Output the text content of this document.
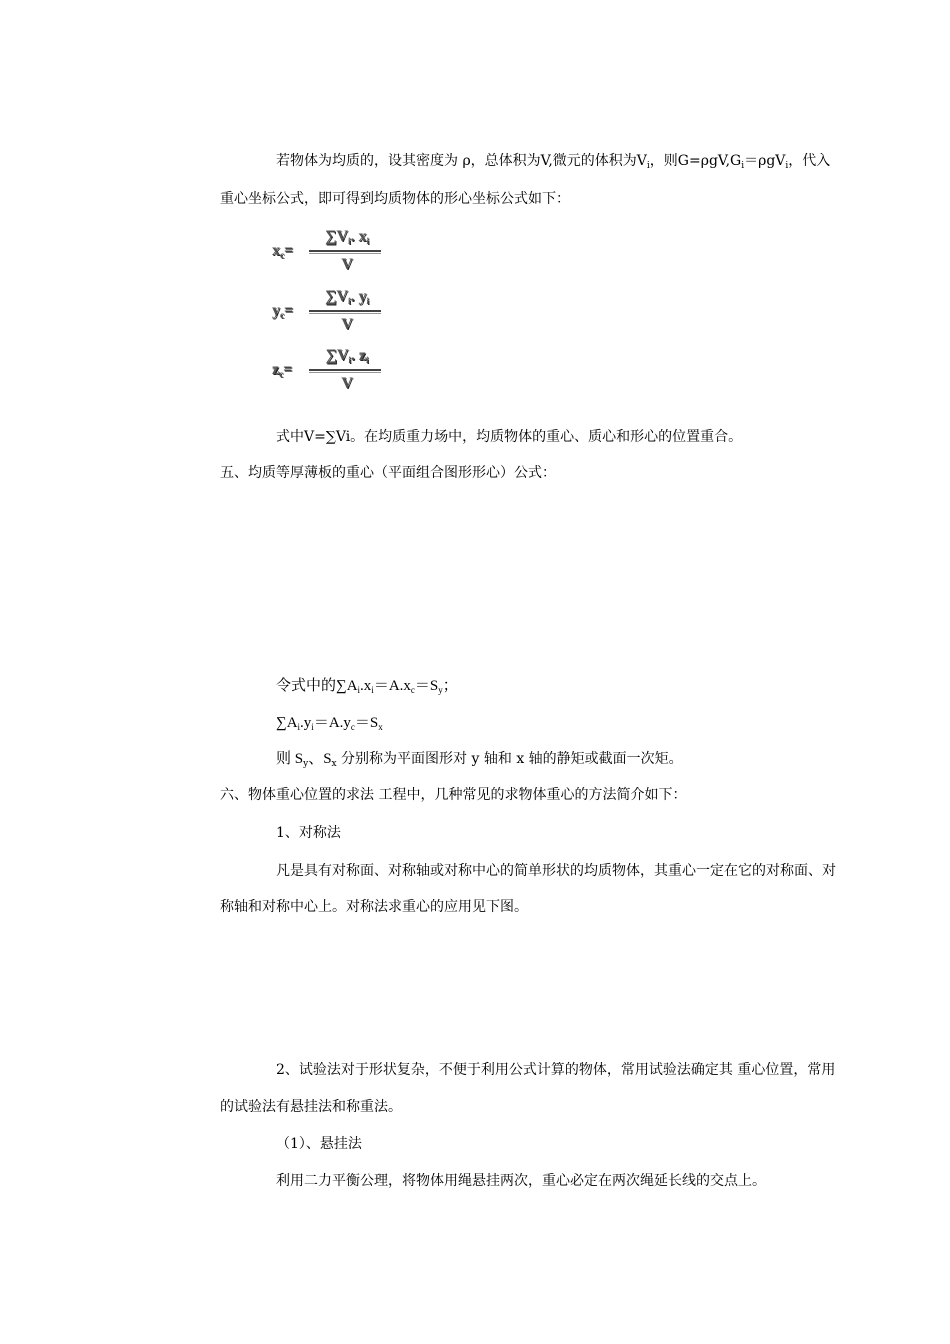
若物体为均质的，设其密度为 ρ，总体积为V,微元的体积为$V_i$，则$G=\rho gV,G_i=\rho gV_i$，代入
重心坐标公式，即可得到均质物体的形心坐标公式如下：
$x_c=$
$\sum V_i$. $x_i$
V
$y_c=$
$\sum V_i$. $y_i$
V
$z_c=$
$\sum V_i$. $z_i$
V
式中V=∑Vi。在均质重力场中，均质物体的重心、质心和形心的位置重合。
五、均质等厚薄板的重心（平面组合图形形心）公式：
令式中的$\sum A_i.x_i=A.x_c=S_y$；
$\sum A_i.y_i=A.y_c=S_x$
则 $S_y$、$S_x$ 分别称为平面图形对 y 轴和 x 轴的静矩或截面一次矩。
六、物体重心位置的求法 工程中，几种常见的求物体重心的方法简介如下：
1、对称法
凡是具有对称面、对称轴或对称中心的简单形状的均质物体，其重心一定在它的对称面、对
称轴和对称中心上。对称法求重心的应用见下图。
2、试验法对于形状复杂，不便于利用公式计算的物体，常用试验法确定其 重心位置，常用
的试验法有悬挂法和称重法。
（1）、悬挂法
利用二力平衡公理，将物体用绳悬挂两次，重心必定在两次绳延长线的交点上。
